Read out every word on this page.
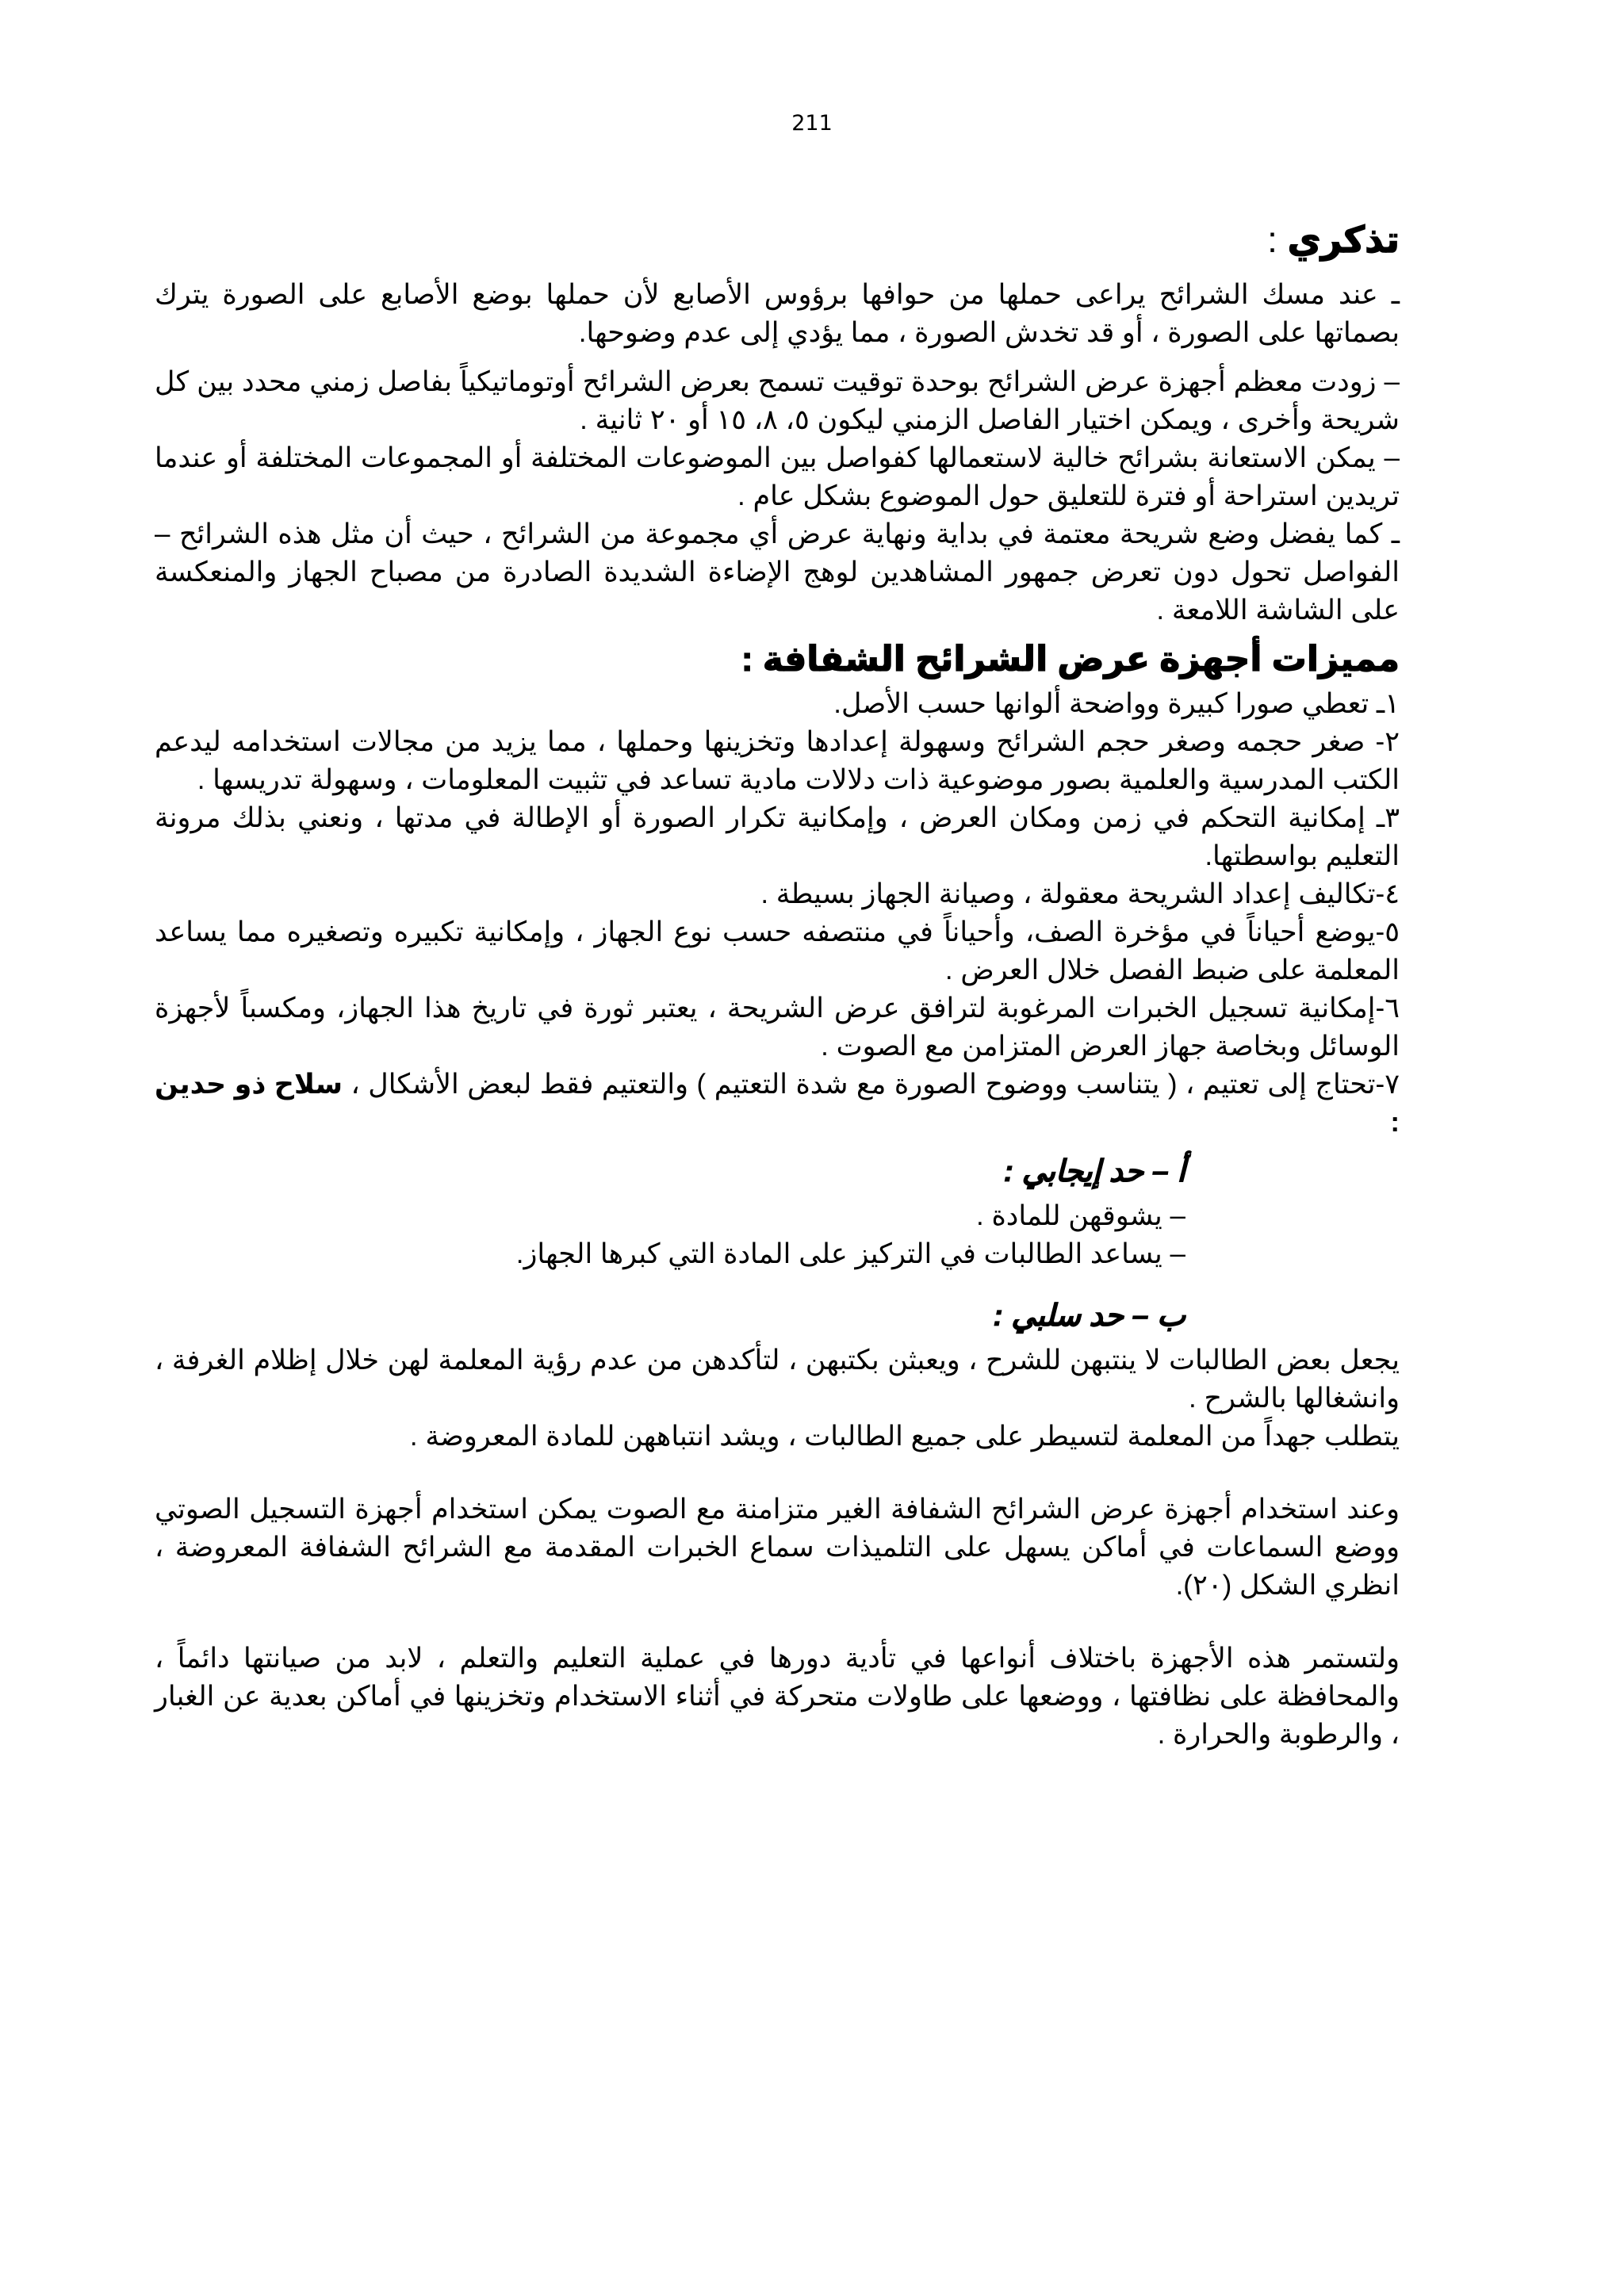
211

تذكري :

ـ عند مسك الشرائح يراعى حملها من حوافها برؤوس الأصابع لأن حملها بوضع الأصابع على الصورة يترك بصماتها على الصورة ، أو قد تخدش الصورة ، مما يؤدي إلى عدم وضوحها.

– زودت معظم أجهزة عرض الشرائح بوحدة توقيت تسمح بعرض الشرائح أوتوماتيكياً بفاصل زمني محدد بين كل شريحة وأخرى ، ويمكن اختيار الفاصل الزمني ليكون ٥، ٨، ١٥ أو ٢٠ ثانية .

– يمكن الاستعانة بشرائح خالية لاستعمالها كفواصل بين الموضوعات المختلفة أو المجموعات المختلفة أو عندما تريدين استراحة أو فترة للتعليق حول الموضوع بشكل عام .

ـ كما يفضل وضع شريحة معتمة في بداية ونهاية عرض أي مجموعة من الشرائح ، حيث أن مثل هذه الشرائح – الفواصل تحول دون تعرض جمهور المشاهدين لوهج الإضاءة الشديدة الصادرة من مصباح الجهاز والمنعكسة على الشاشة اللامعة .

مميزات أجهزة عرض الشرائح الشفافة :

١ـ تعطي صورا كبيرة وواضحة ألوانها حسب الأصل.

٢- صغر حجمه وصغر حجم الشرائح وسهولة إعدادها وتخزينها وحملها ، مما يزيد من مجالات استخدامه ليدعم الكتب المدرسية والعلمية بصور موضوعية ذات دلالات مادية تساعد في تثبيت المعلومات ، وسهولة تدريسها .

٣ـ إمكانية التحكم في زمن ومكان العرض ، وإمكانية تكرار الصورة أو الإطالة في مدتها ، ونعني بذلك مرونة التعليم بواسطتها.

٤-تكاليف إعداد الشريحة معقولة ، وصيانة الجهاز بسيطة .

٥-يوضع أحياناً في مؤخرة الصف، وأحياناً في منتصفه حسب نوع الجهاز ، وإمكانية تكبيره وتصغيره مما يساعد المعلمة على ضبط الفصل خلال العرض .

٦-إمكانية تسجيل الخبرات المرغوبة لترافق عرض الشريحة ، يعتبر ثورة في تاريخ هذا الجهاز، ومكسباً لأجهزة الوسائل وبخاصة جهاز العرض المتزامن مع الصوت .

٧-تحتاج إلى تعتيم ، ( يتناسب ووضوح الصورة مع شدة التعتيم ) والتعتيم فقط لبعض الأشكال ، سلاح ذو حدين :

أ – حد إيجابي :

– يشوقهن للمادة .

– يساعد الطالبات في التركيز على المادة التي كبرها الجهاز.

ب – حد سلبي :

يجعل بعض الطالبات لا ينتبهن للشرح ، ويعبثن بكتبهن ، لتأكدهن من عدم رؤية المعلمة لهن خلال إظلام الغرفة ، وانشغالها بالشرح .

يتطلب جهداً من المعلمة لتسيطر على جميع الطالبات ، ويشد انتباههن للمادة المعروضة .

وعند استخدام أجهزة عرض الشرائح الشفافة الغير متزامنة مع الصوت يمكن استخدام أجهزة التسجيل الصوتي ووضع السماعات في أماكن يسهل على التلميذات سماع الخبرات المقدمة مع الشرائح الشفافة المعروضة ، انظري الشكل (٢٠).

ولتستمر هذه الأجهزة باختلاف أنواعها في تأدية دورها في عملية التعليم والتعلم ، لابد من صيانتها دائماً ، والمحافظة على نظافتها ، ووضعها على طاولات متحركة في أثناء الاستخدام وتخزينها في أماكن بعدية عن الغبار ، والرطوبة والحرارة .
